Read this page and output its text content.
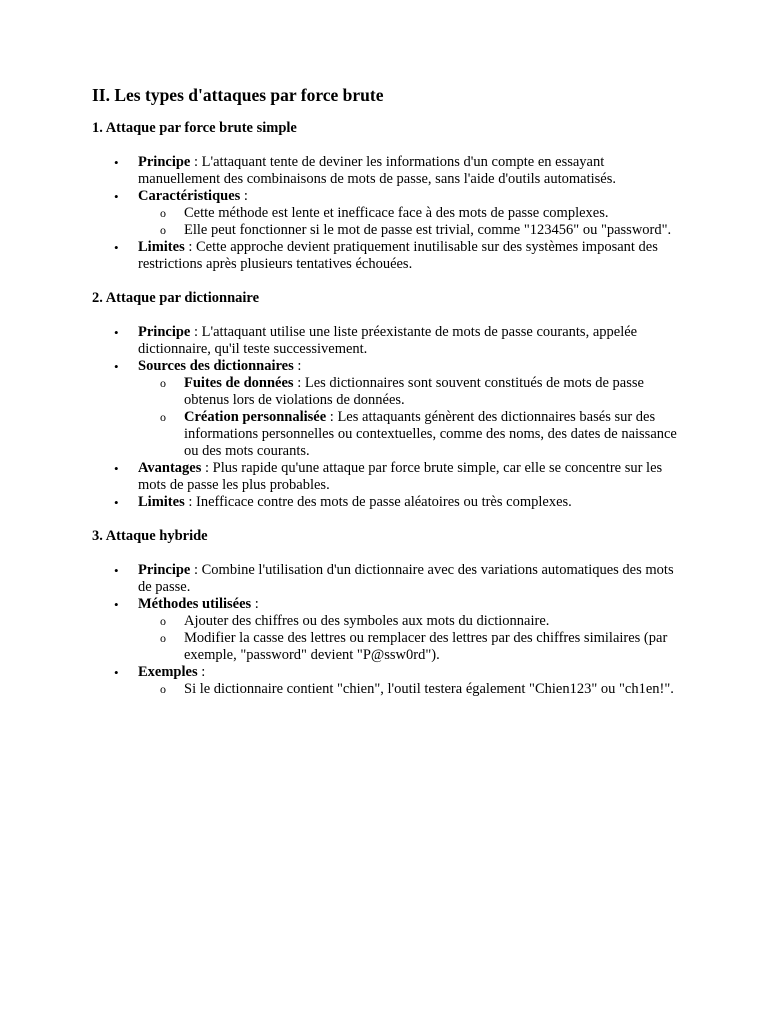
II. Les types d'attaques par force brute
1. Attaque par force brute simple
• Principe : L'attaquant tente de deviner les informations d'un compte en essayant manuellement des combinaisons de mots de passe, sans l'aide d'outils automatisés.
• Caractéristiques :
o Cette méthode est lente et inefficace face à des mots de passe complexes.
o Elle peut fonctionner si le mot de passe est trivial, comme "123456" ou "password".
• Limites : Cette approche devient pratiquement inutilisable sur des systèmes imposant des restrictions après plusieurs tentatives échouées.
2. Attaque par dictionnaire
• Principe : L'attaquant utilise une liste préexistante de mots de passe courants, appelée dictionnaire, qu'il teste successivement.
• Sources des dictionnaires :
o Fuites de données : Les dictionnaires sont souvent constitués de mots de passe obtenus lors de violations de données.
o Création personnalisée : Les attaquants génèrent des dictionnaires basés sur des informations personnelles ou contextuelles, comme des noms, des dates de naissance ou des mots courants.
• Avantages : Plus rapide qu'une attaque par force brute simple, car elle se concentre sur les mots de passe les plus probables.
• Limites : Inefficace contre des mots de passe aléatoires ou très complexes.
3. Attaque hybride
• Principe : Combine l'utilisation d'un dictionnaire avec des variations automatiques des mots de passe.
• Méthodes utilisées :
o Ajouter des chiffres ou des symboles aux mots du dictionnaire.
o Modifier la casse des lettres ou remplacer des lettres par des chiffres similaires (par exemple, "password" devient "P@ssw0rd").
• Exemples :
o Si le dictionnaire contient "chien", l'outil testera également "Chien123" ou "ch1en!".
